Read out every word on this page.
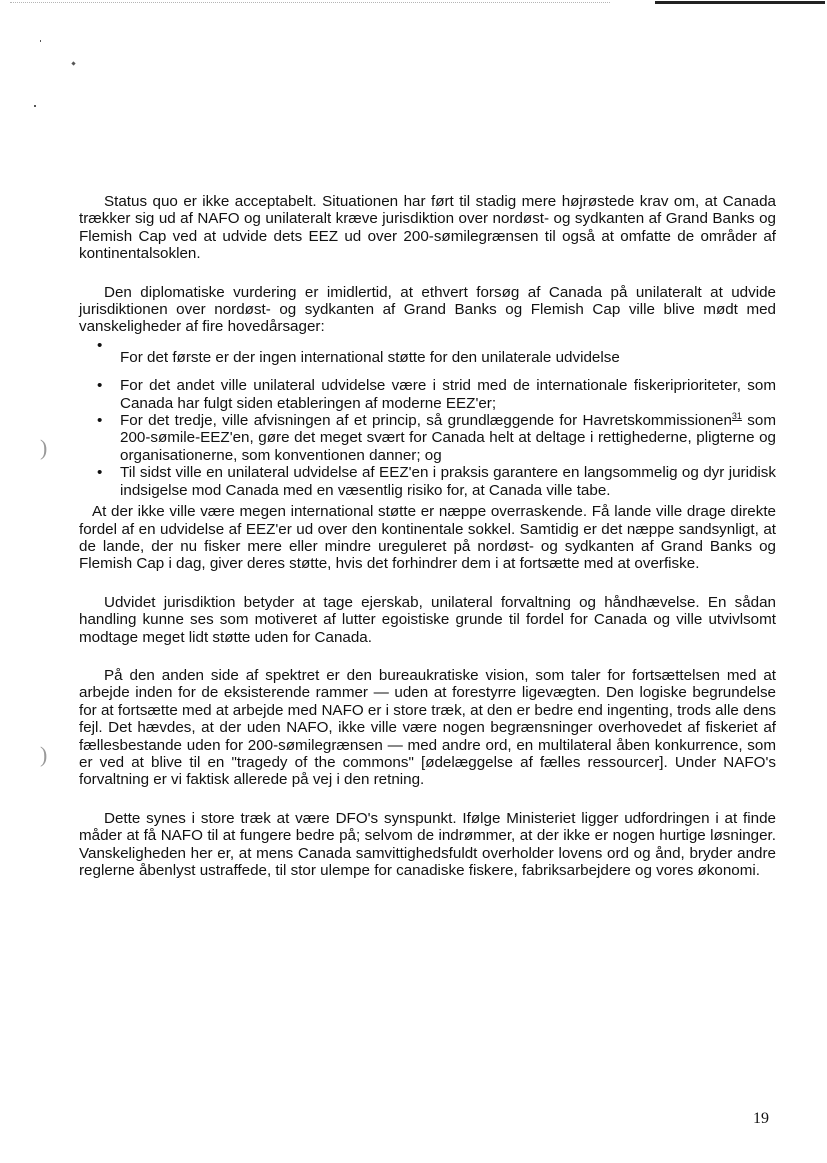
)
)

Status quo er ikke acceptabelt. Situationen har ført til stadig mere højrøstede krav om, at Canada trækker sig ud af NAFO og unilateralt kræve jurisdiktion over nordøst- og sydkanten af Grand Banks og Flemish Cap ved at udvide dets EEZ ud over 200-sømilegrænsen til også at omfatte de områder af kontinentalsoklen.

Den diplomatiske vurdering er imidlertid, at ethvert forsøg af Canada på unilateralt at udvide jurisdiktionen over nordøst- og sydkanten af Grand Banks og Flemish Cap ville blive mødt med vanskeligheder af fire hovedårsager:

• For det første er der ingen international støtte for den unilaterale udvidelse
• For det andet ville unilateral udvidelse være i strid med de internationale fiskeriprioriteter, som Canada har fulgt siden etableringen af moderne EEZ'er;
• For det tredje, ville afvisningen af et princip, så grundlæggende for Havretskommissionen$^{31}$ som 200-sømile-EEZ'en, gøre det meget svært for Canada helt at deltage i rettighederne, pligterne og organisationerne, som konventionen danner; og
• Til sidst ville en unilateral udvidelse af EEZ'en i praksis garantere en langsommelig og dyr juridisk indsigelse mod Canada med en væsentlig risiko for, at Canada ville tabe.

At der ikke ville være megen international støtte er næppe overraskende. Få lande ville drage direkte fordel af en udvidelse af EEZ'er ud over den kontinentale sokkel. Samtidig er det næppe sandsynligt, at de lande, der nu fisker mere eller mindre ureguleret på nordøst- og sydkanten af Grand Banks og Flemish Cap i dag, giver deres støtte, hvis det forhindrer dem i at fortsætte med at overfiske.

Udvidet jurisdiktion betyder at tage ejerskab, unilateral forvaltning og håndhævelse. En sådan handling kunne ses som motiveret af lutter egoistiske grunde til fordel for Canada og ville utvivlsomt modtage meget lidt støtte uden for Canada.

På den anden side af spektret er den bureaukratiske vision, som taler for fortsættelsen med at arbejde inden for de eksisterende rammer — uden at forestyrre ligevægten. Den logiske begrundelse for at fortsætte med at arbejde med NAFO er i store træk, at den er bedre end ingenting, trods alle dens fejl. Det hævdes, at der uden NAFO, ikke ville være nogen begrænsninger overhovedet af fiskeriet af fællesbestande uden for 200-sømilegrænsen — med andre ord, en multilateral åben konkurrence, som er ved at blive til en "tragedy of the commons" [ødelæggelse af fælles ressourcer]. Under NAFO's forvaltning er vi faktisk allerede på vej i den retning.

Dette synes i store træk at være DFO's synspunkt. Ifølge Ministeriet ligger udfordringen i at finde måder at få NAFO til at fungere bedre på; selvom de indrømmer, at der ikke er nogen hurtige løsninger. Vanskeligheden her er, at mens Canada samvittighedsfuldt overholder lovens ord og ånd, bryder andre reglerne åbenlyst ustraffede, til stor ulempe for canadiske fiskere, fabriksarbejdere og vores økonomi.

19
